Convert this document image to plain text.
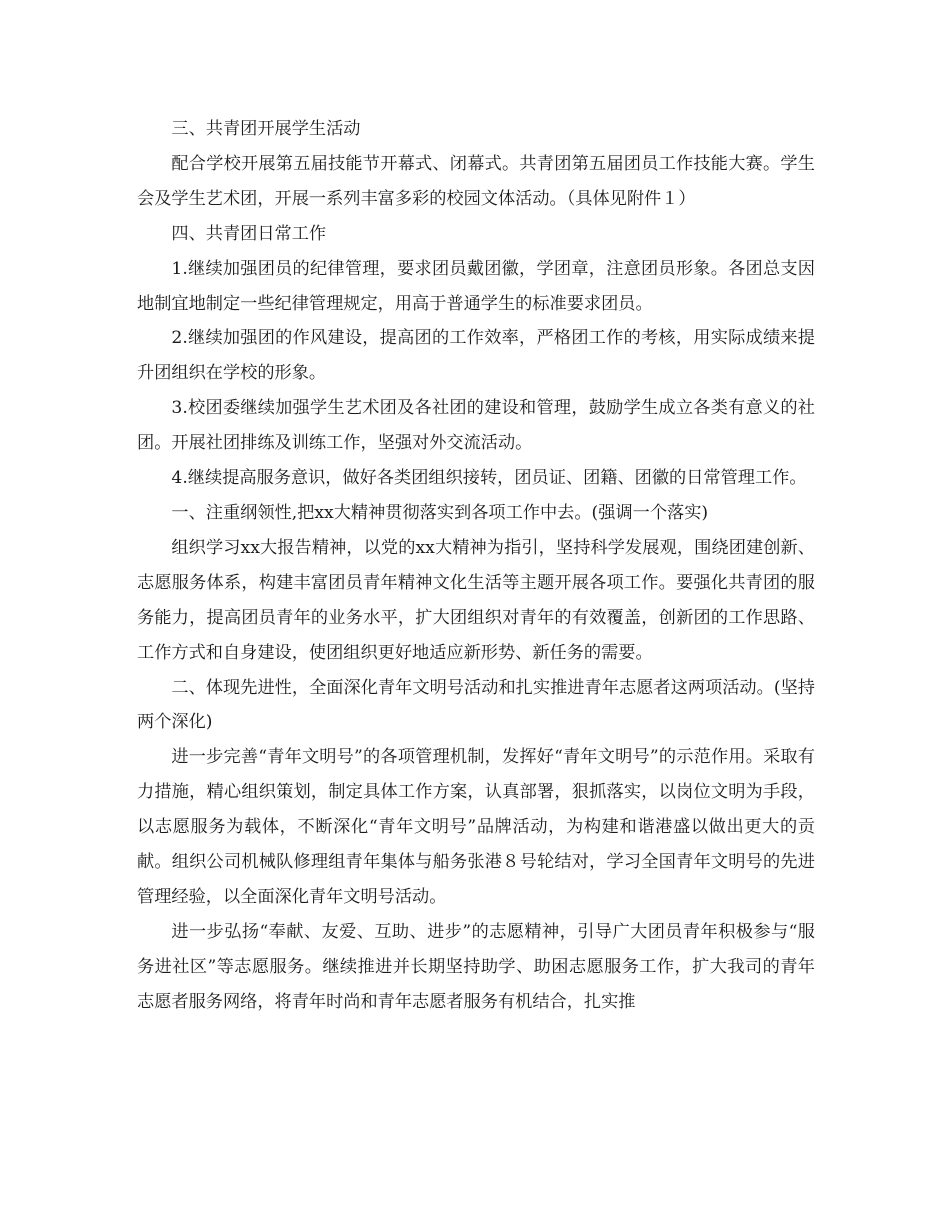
三、共青团开展学生活动

配合学校开展第五届技能节开幕式、闭幕式。共青团第五届团员工作技能大赛。学生会及学生艺术团，开展一系列丰富多彩的校园文体活动。（具体见附件１）

四、共青团日常工作

1.继续加强团员的纪律管理，要求团员戴团徽，学团章，注意团员形象。各团总支因地制宜地制定一些纪律管理规定，用高于普通学生的标准要求团员。

2.继续加强团的作风建设，提高团的工作效率，严格团工作的考核，用实际成绩来提升团组织在学校的形象。

3.校团委继续加强学生艺术团及各社团的建设和管理，鼓励学生成立各类有意义的社团。开展社团排练及训练工作，坚强对外交流活动。

4.继续提高服务意识，做好各类团组织接转，团员证、团籍、团徽的日常管理工作。

一、注重纲领性,把xx大精神贯彻落实到各项工作中去。(强调一个落实)

组织学习xx大报告精神，以党的xx大精神为指引，坚持科学发展观，围绕团建创新、志愿服务体系，构建丰富团员青年精神文化生活等主题开展各项工作。要强化共青团的服务能力，提高团员青年的业务水平，扩大团组织对青年的有效覆盖，创新团的工作思路、工作方式和自身建设，使团组织更好地适应新形势、新任务的需要。

二、体现先进性，全面深化青年文明号活动和扎实推进青年志愿者这两项活动。(坚持两个深化)

进一步完善“青年文明号”的各项管理机制，发挥好“青年文明号”的示范作用。采取有力措施，精心组织策划，制定具体工作方案，认真部署，狠抓落实，以岗位文明为手段，以志愿服务为载体，不断深化“青年文明号”品牌活动，为构建和谐港盛以做出更大的贡献。组织公司机械队修理组青年集体与船务张港８号轮结对，学习全国青年文明号的先进管理经验，以全面深化青年文明号活动。

进一步弘扬“奉献、友爱、互助、进步”的志愿精神，引导广大团员青年积极参与“服务进社区”等志愿服务。继续推进并长期坚持助学、助困志愿服务工作，扩大我司的青年志愿者服务网络，将青年时尚和青年志愿者服务有机结合，扎实推
